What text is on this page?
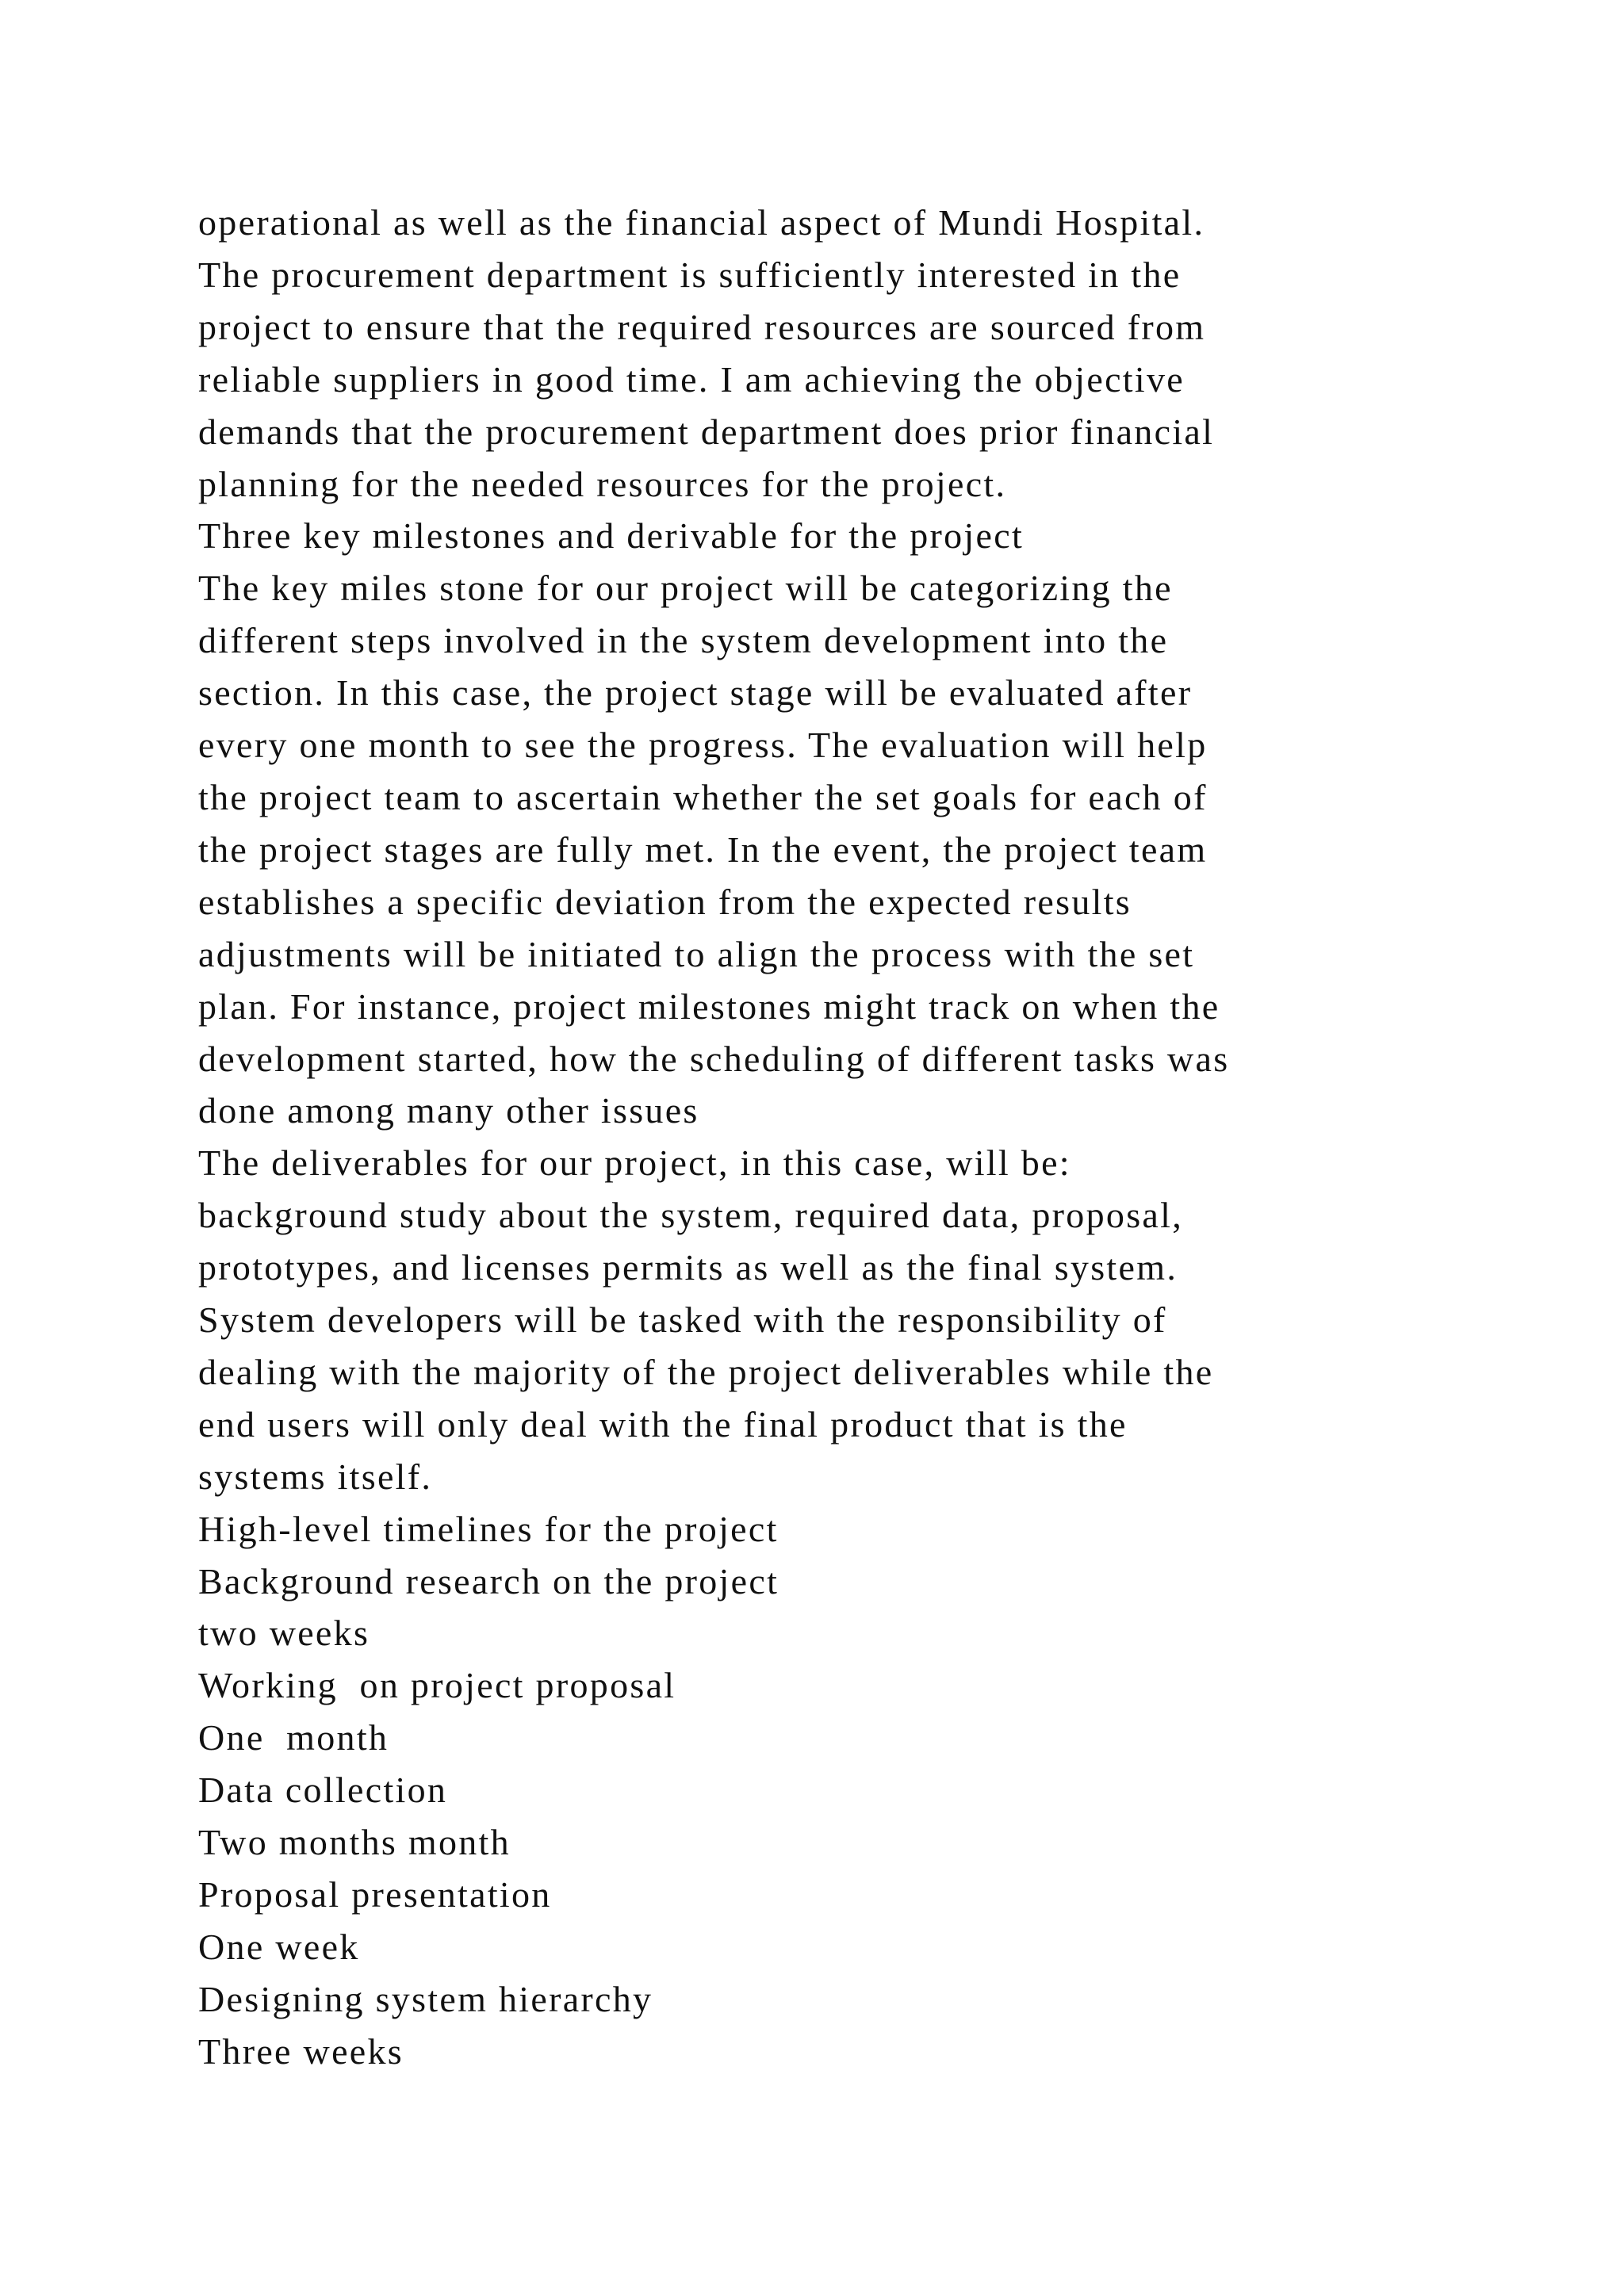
operational as well as the financial aspect of Mundi Hospital.
The procurement department is sufficiently interested in the
project to ensure that the required resources are sourced from
reliable suppliers in good time. I am achieving the objective
demands that the procurement department does prior financial
planning for the needed resources for the project.
Three key milestones and derivable for the project
The key miles stone for our project will be categorizing the
different steps involved in the system development into the
section. In this case, the project stage will be evaluated after
every one month to see the progress. The evaluation will help
the project team to ascertain whether the set goals for each of
the project stages are fully met. In the event, the project team
establishes a specific deviation from the expected results
adjustments will be initiated to align the process with the set
plan. For instance, project milestones might track on when the
development started, how the scheduling of different tasks was
done among many other issues
The deliverables for our project, in this case, will be:
background study about the system, required data, proposal,
prototypes, and licenses permits as well as the final system.
System developers will be tasked with the responsibility of
dealing with the majority of the project deliverables while the
end users will only deal with the final product that is the
systems itself.
High-level timelines for the project
Background research on the project
two weeks
Working  on project proposal
One  month
Data collection
Two months month
Proposal presentation
One week
Designing system hierarchy
Three weeks
